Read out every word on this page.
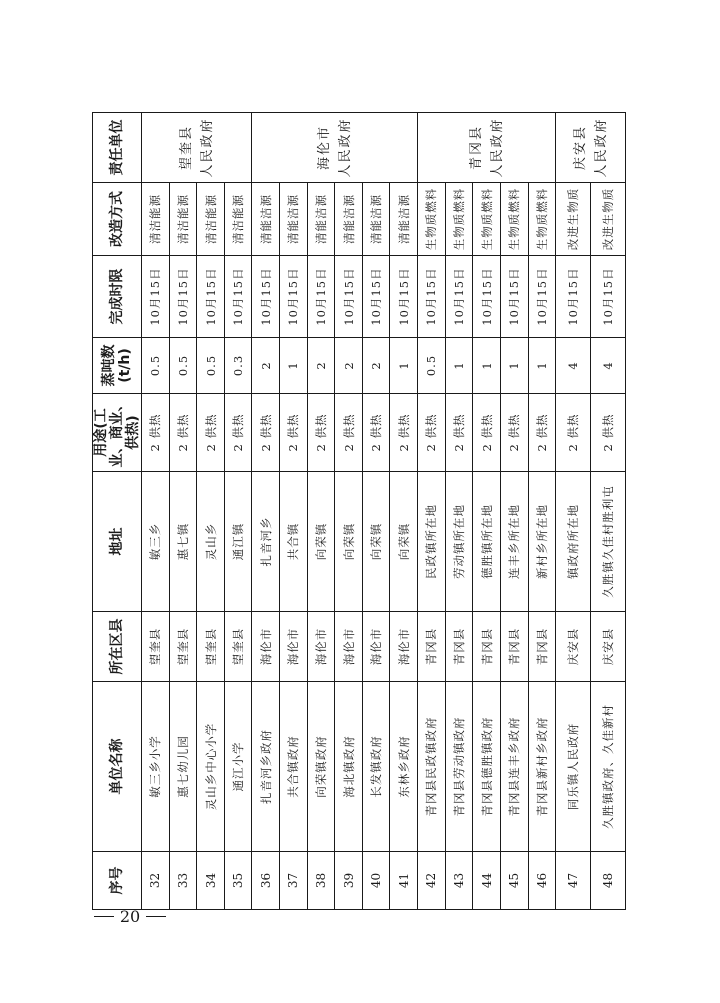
20
序号	单位名称	所在区县	地址	用途(工业、商业、供热)	蒸吨数(t/h)	完成时限	改造方式	责任单位
32	敏三乡小学	望奎县	敏三乡	2 供热	0.5	10月15日	清洁能源	望奎县 人民政府

33	惠七幼儿园	望奎县	惠七镇	2 供热	0.5	10月15日	清洁能源	
34	灵山乡中心小学	望奎县	灵山乡	2 供热	0.5	10月15日	清洁能源	
35	通江小学	望奎县	通江镇	2 供热	0.3	10月15日	清洁能源	
36	扎音河乡政府	海伦市	扎音河乡	2 供热	2	10月15日	清能洁源	海伦市 人民政府

37	共合镇政府	海伦市	共合镇	2 供热	1	10月15日	清能洁源	
38	向荣镇政府	海伦市	向荣镇	2 供热	2	10月15日	清能洁源	
39	海北镇政府	海伦市	向荣镇	2 供热	2	10月15日	清能洁源	
40	长发镇政府	海伦市	向荣镇	2 供热	2	10月15日	清能洁源	
41	东林乡政府	海伦市	向荣镇	2 供热	1	10月15日	清能洁源	
42	青冈县民政镇政府	青冈县	民政镇所在地	2 供热	0.5	10月15日	生物质燃料	青冈县 人民政府

43	青冈县劳动镇政府	青冈县	劳动镇所在地	2 供热	1	10月15日	生物质燃料	
44	青冈县德胜镇政府	青冈县	德胜镇所在地	2 供热	1	10月15日	生物质燃料	
45	青冈县连丰乡政府	青冈县	连丰乡所在地	2 供热	1	10月15日	生物质燃料	
46	青冈县新村乡政府	青冈县	新村乡所在地	2 供热	1	10月15日	生物质燃料	
47	同乐镇人民政府	庆安县	镇政府所在地	2 供热	4	10月15日	改进生物质	庆安县 人民政府

48	久胜镇政府、久佳新村	庆安县	久胜镇久佳村胜利屯	2 供热	4	10月15日	改进生物质	
